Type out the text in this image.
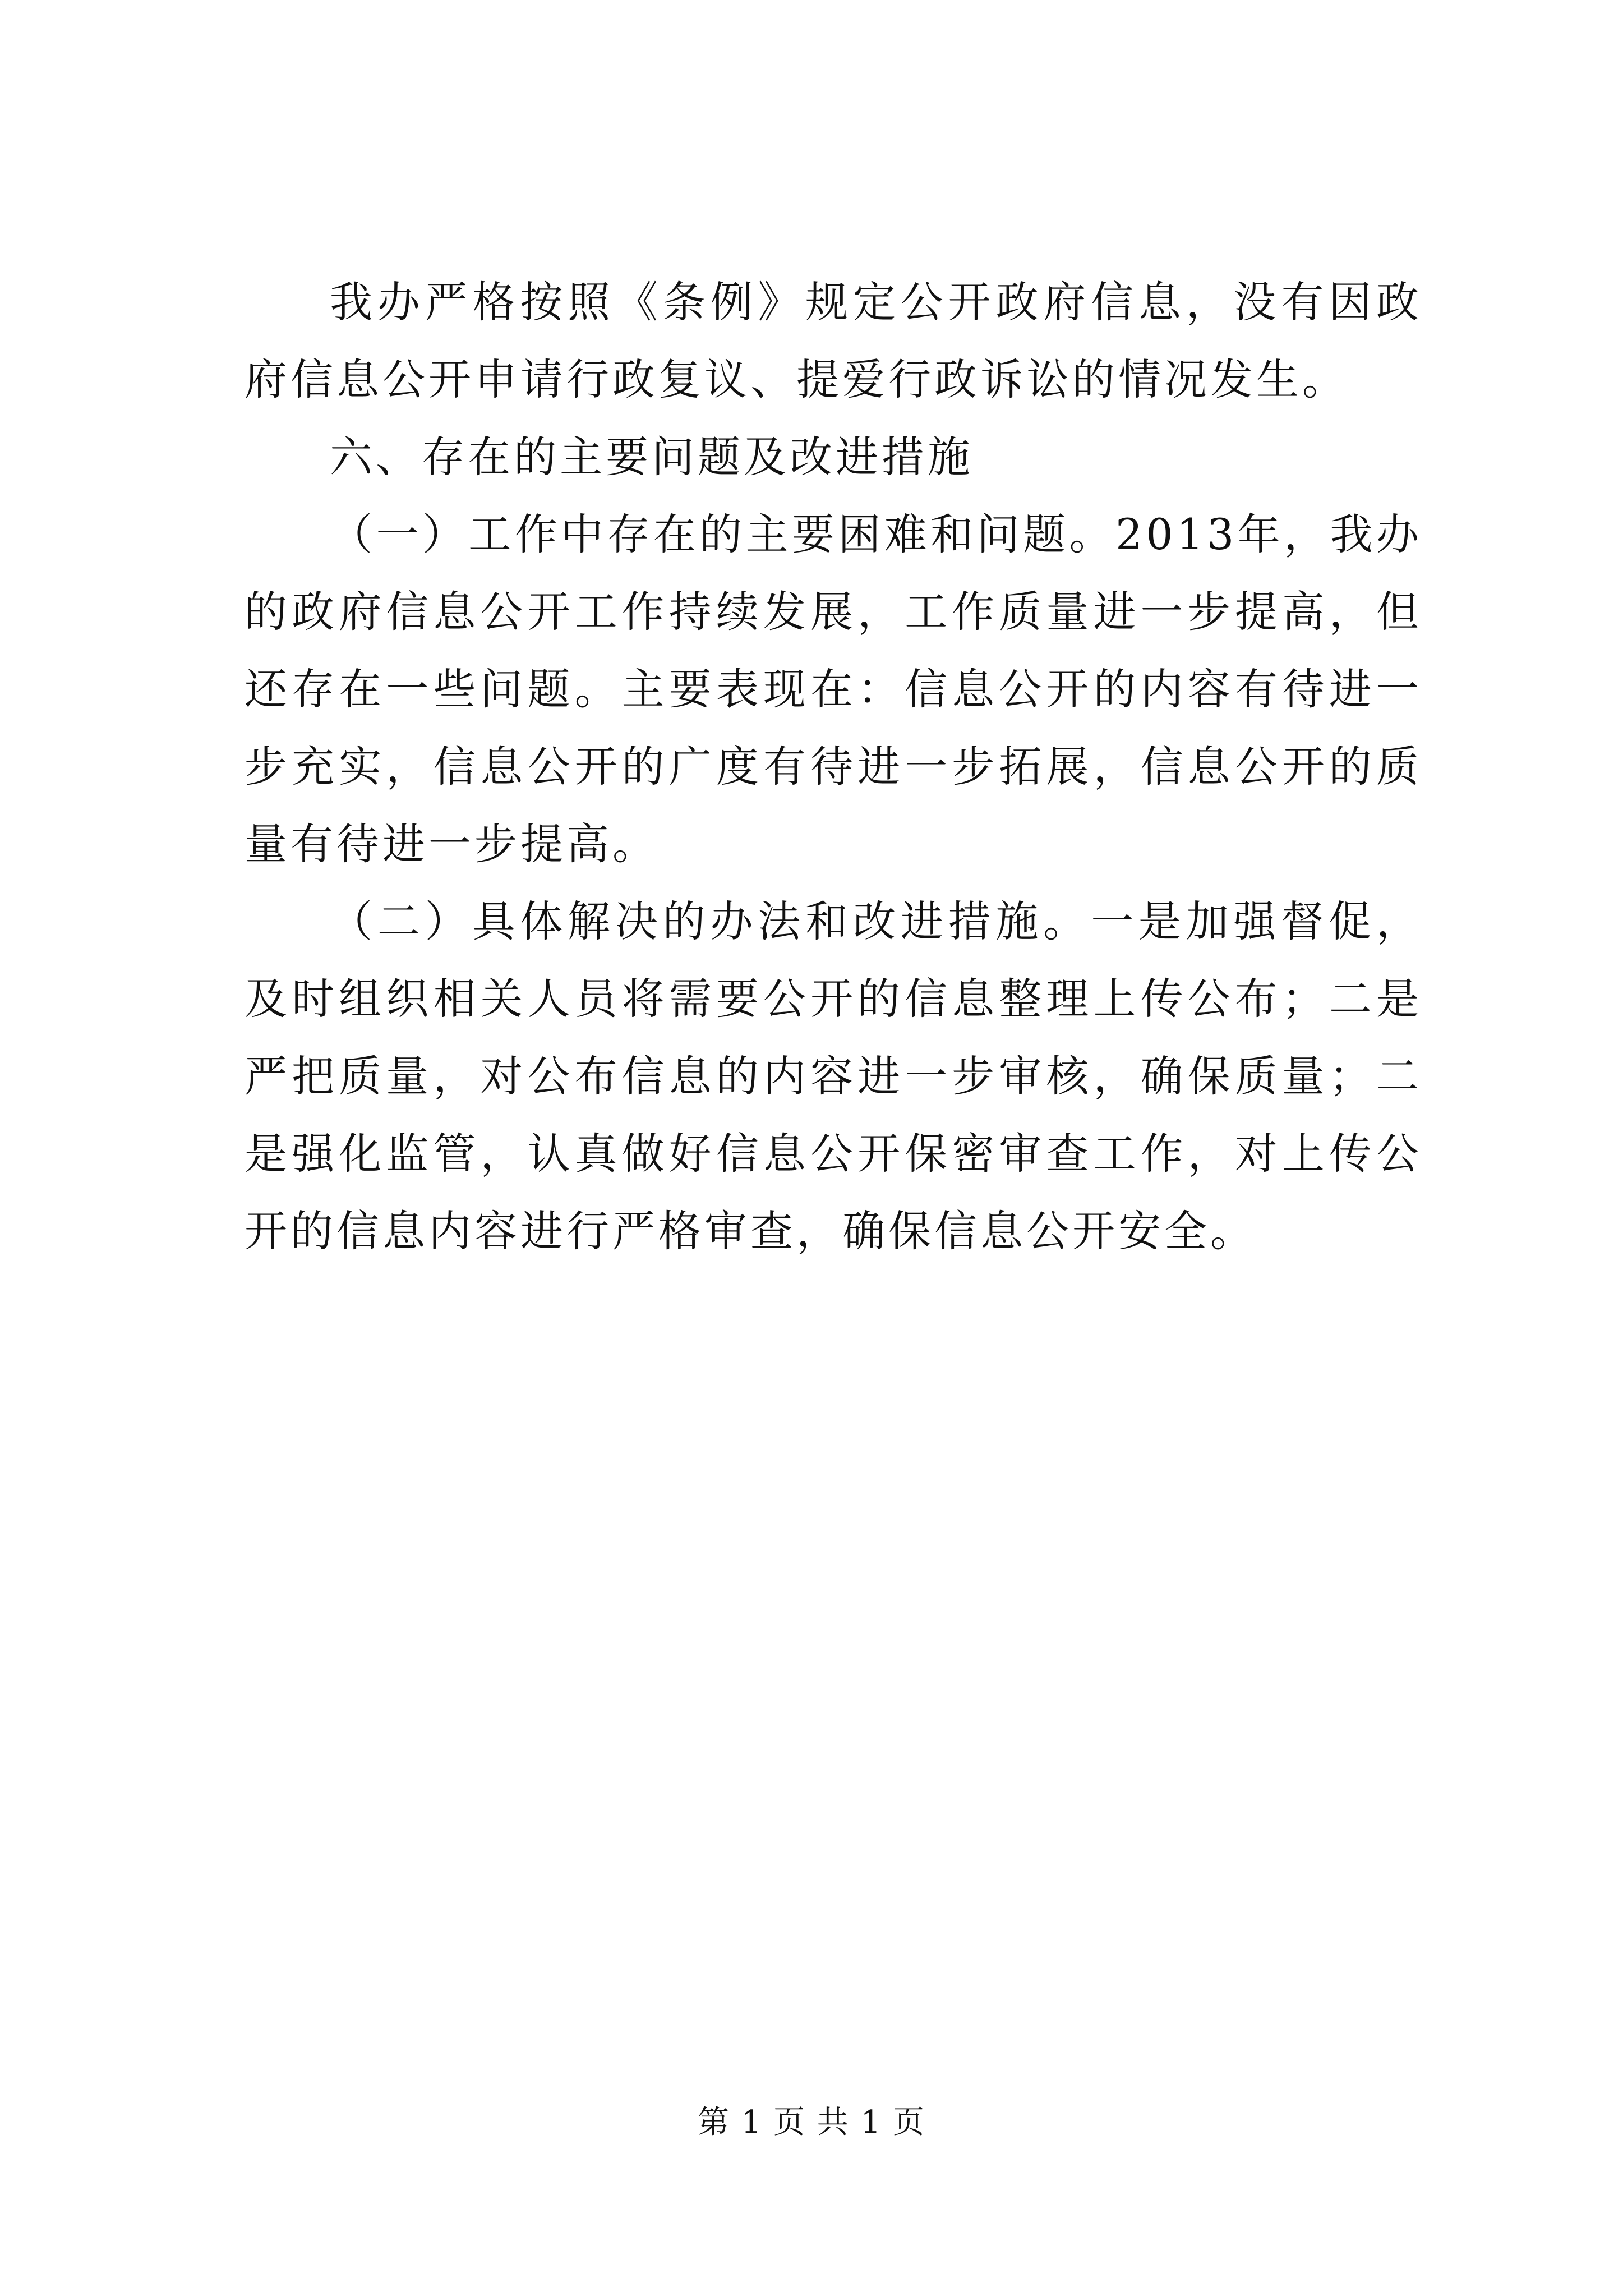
我办严格按照《条例》规定公开政府信息，没有因政府信息公开申请行政复议、提爱行政诉讼的情况发生。

六、存在的主要问题及改进措施

（一）工作中存在的主要困难和问题。2013年，我办的政府信息公开工作持续发展，工作质量进一步提高，但还存在一些问题。主要表现在：信息公开的内容有待进一步充实，信息公开的广度有待进一步拓展，信息公开的质量有待进一步提高。

（二）具体解决的办法和改进措施。一是加强督促，及时组织相关人员将需要公开的信息整理上传公布；二是严把质量，对公布信息的内容进一步审核，确保质量；二是强化监管，认真做好信息公开保密审查工作，对上传公开的信息内容进行严格审查，确保信息公开安全。

第 1 页 共 1 页
